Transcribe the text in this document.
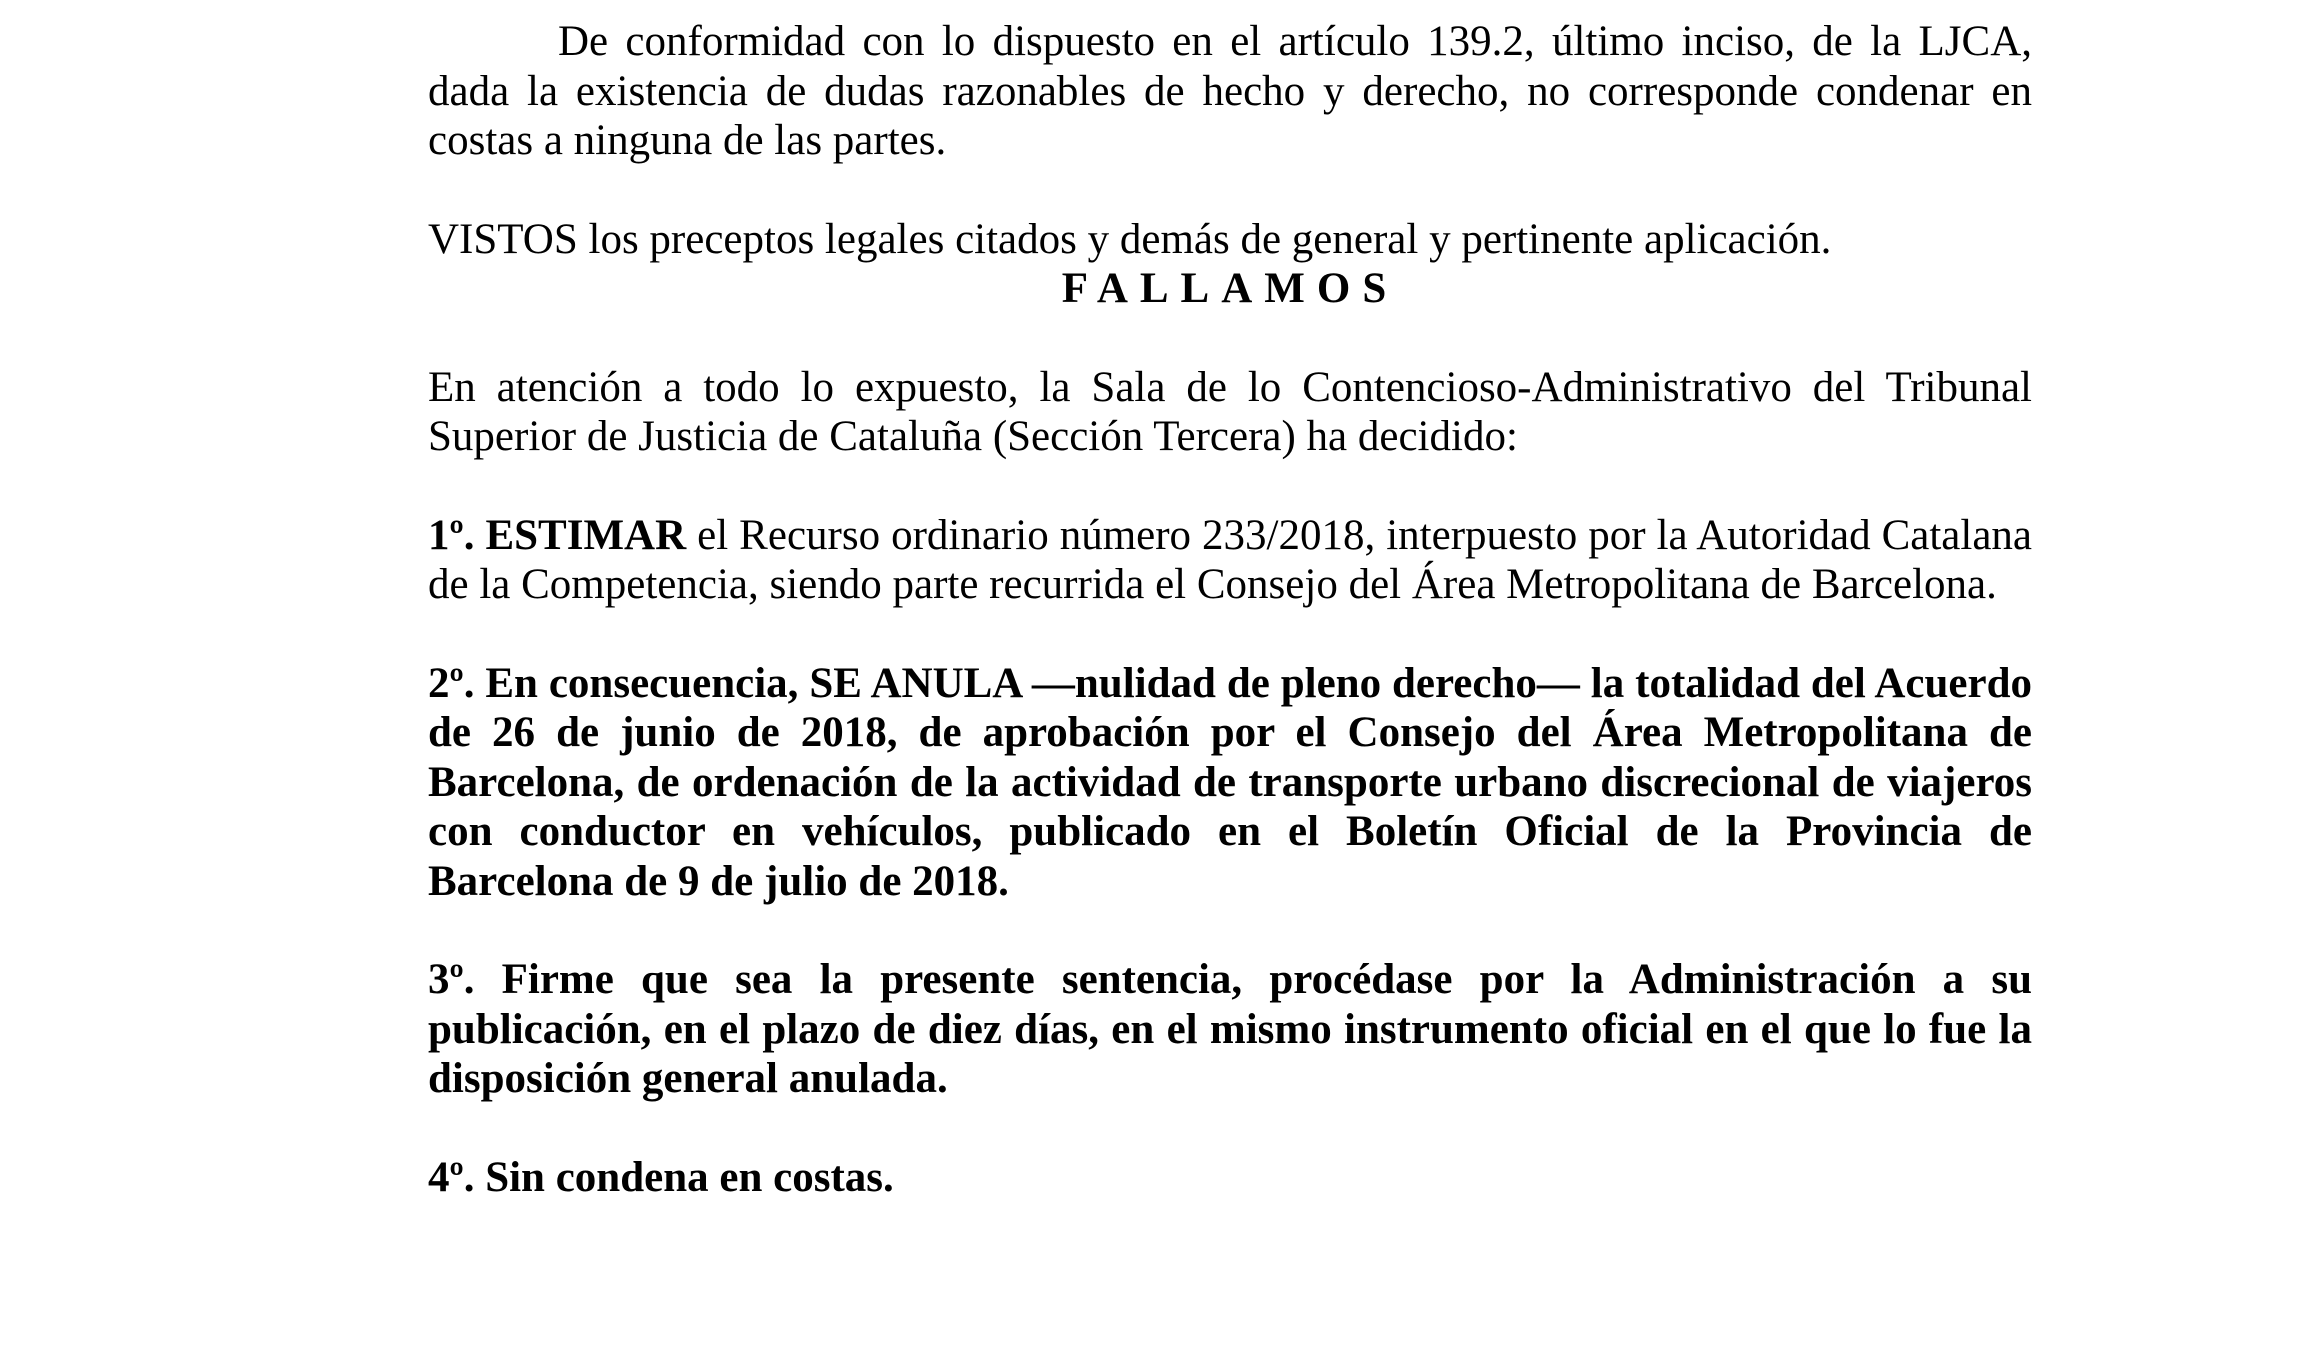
De conformidad con lo dispuesto en el artículo 139.2, último inciso, de la LJCA, dada la existencia de dudas razonables de hecho y derecho, no corresponde condenar en costas a ninguna de las partes.

VISTOS los preceptos legales citados y demás de general y pertinente aplicación.

FALLAMOS

En atención a todo lo expuesto, la Sala de lo Contencioso-Administrativo del Tribunal Superior de Justicia de Cataluña (Sección Tercera) ha decidido:

1º. ESTIMAR el Recurso ordinario número 233/2018, interpuesto por la Autoridad Catalana de la Competencia, siendo parte recurrida el Consejo del Área Metropolitana de Barcelona.

2º. En consecuencia, SE ANULA —nulidad de pleno derecho— la totalidad del Acuerdo de 26 de junio de 2018, de aprobación por el Consejo del Área Metropolitana de Barcelona, de ordenación de la actividad de transporte urbano discrecional de viajeros con conductor en vehículos, publicado en el Boletín Oficial de la Provincia de Barcelona de 9 de julio de 2018.

3º. Firme que sea la presente sentencia, procédase por la Administración a su publicación, en el plazo de diez días, en el mismo instrumento oficial en el que lo fue la disposición general anulada.

4º. Sin condena en costas.
